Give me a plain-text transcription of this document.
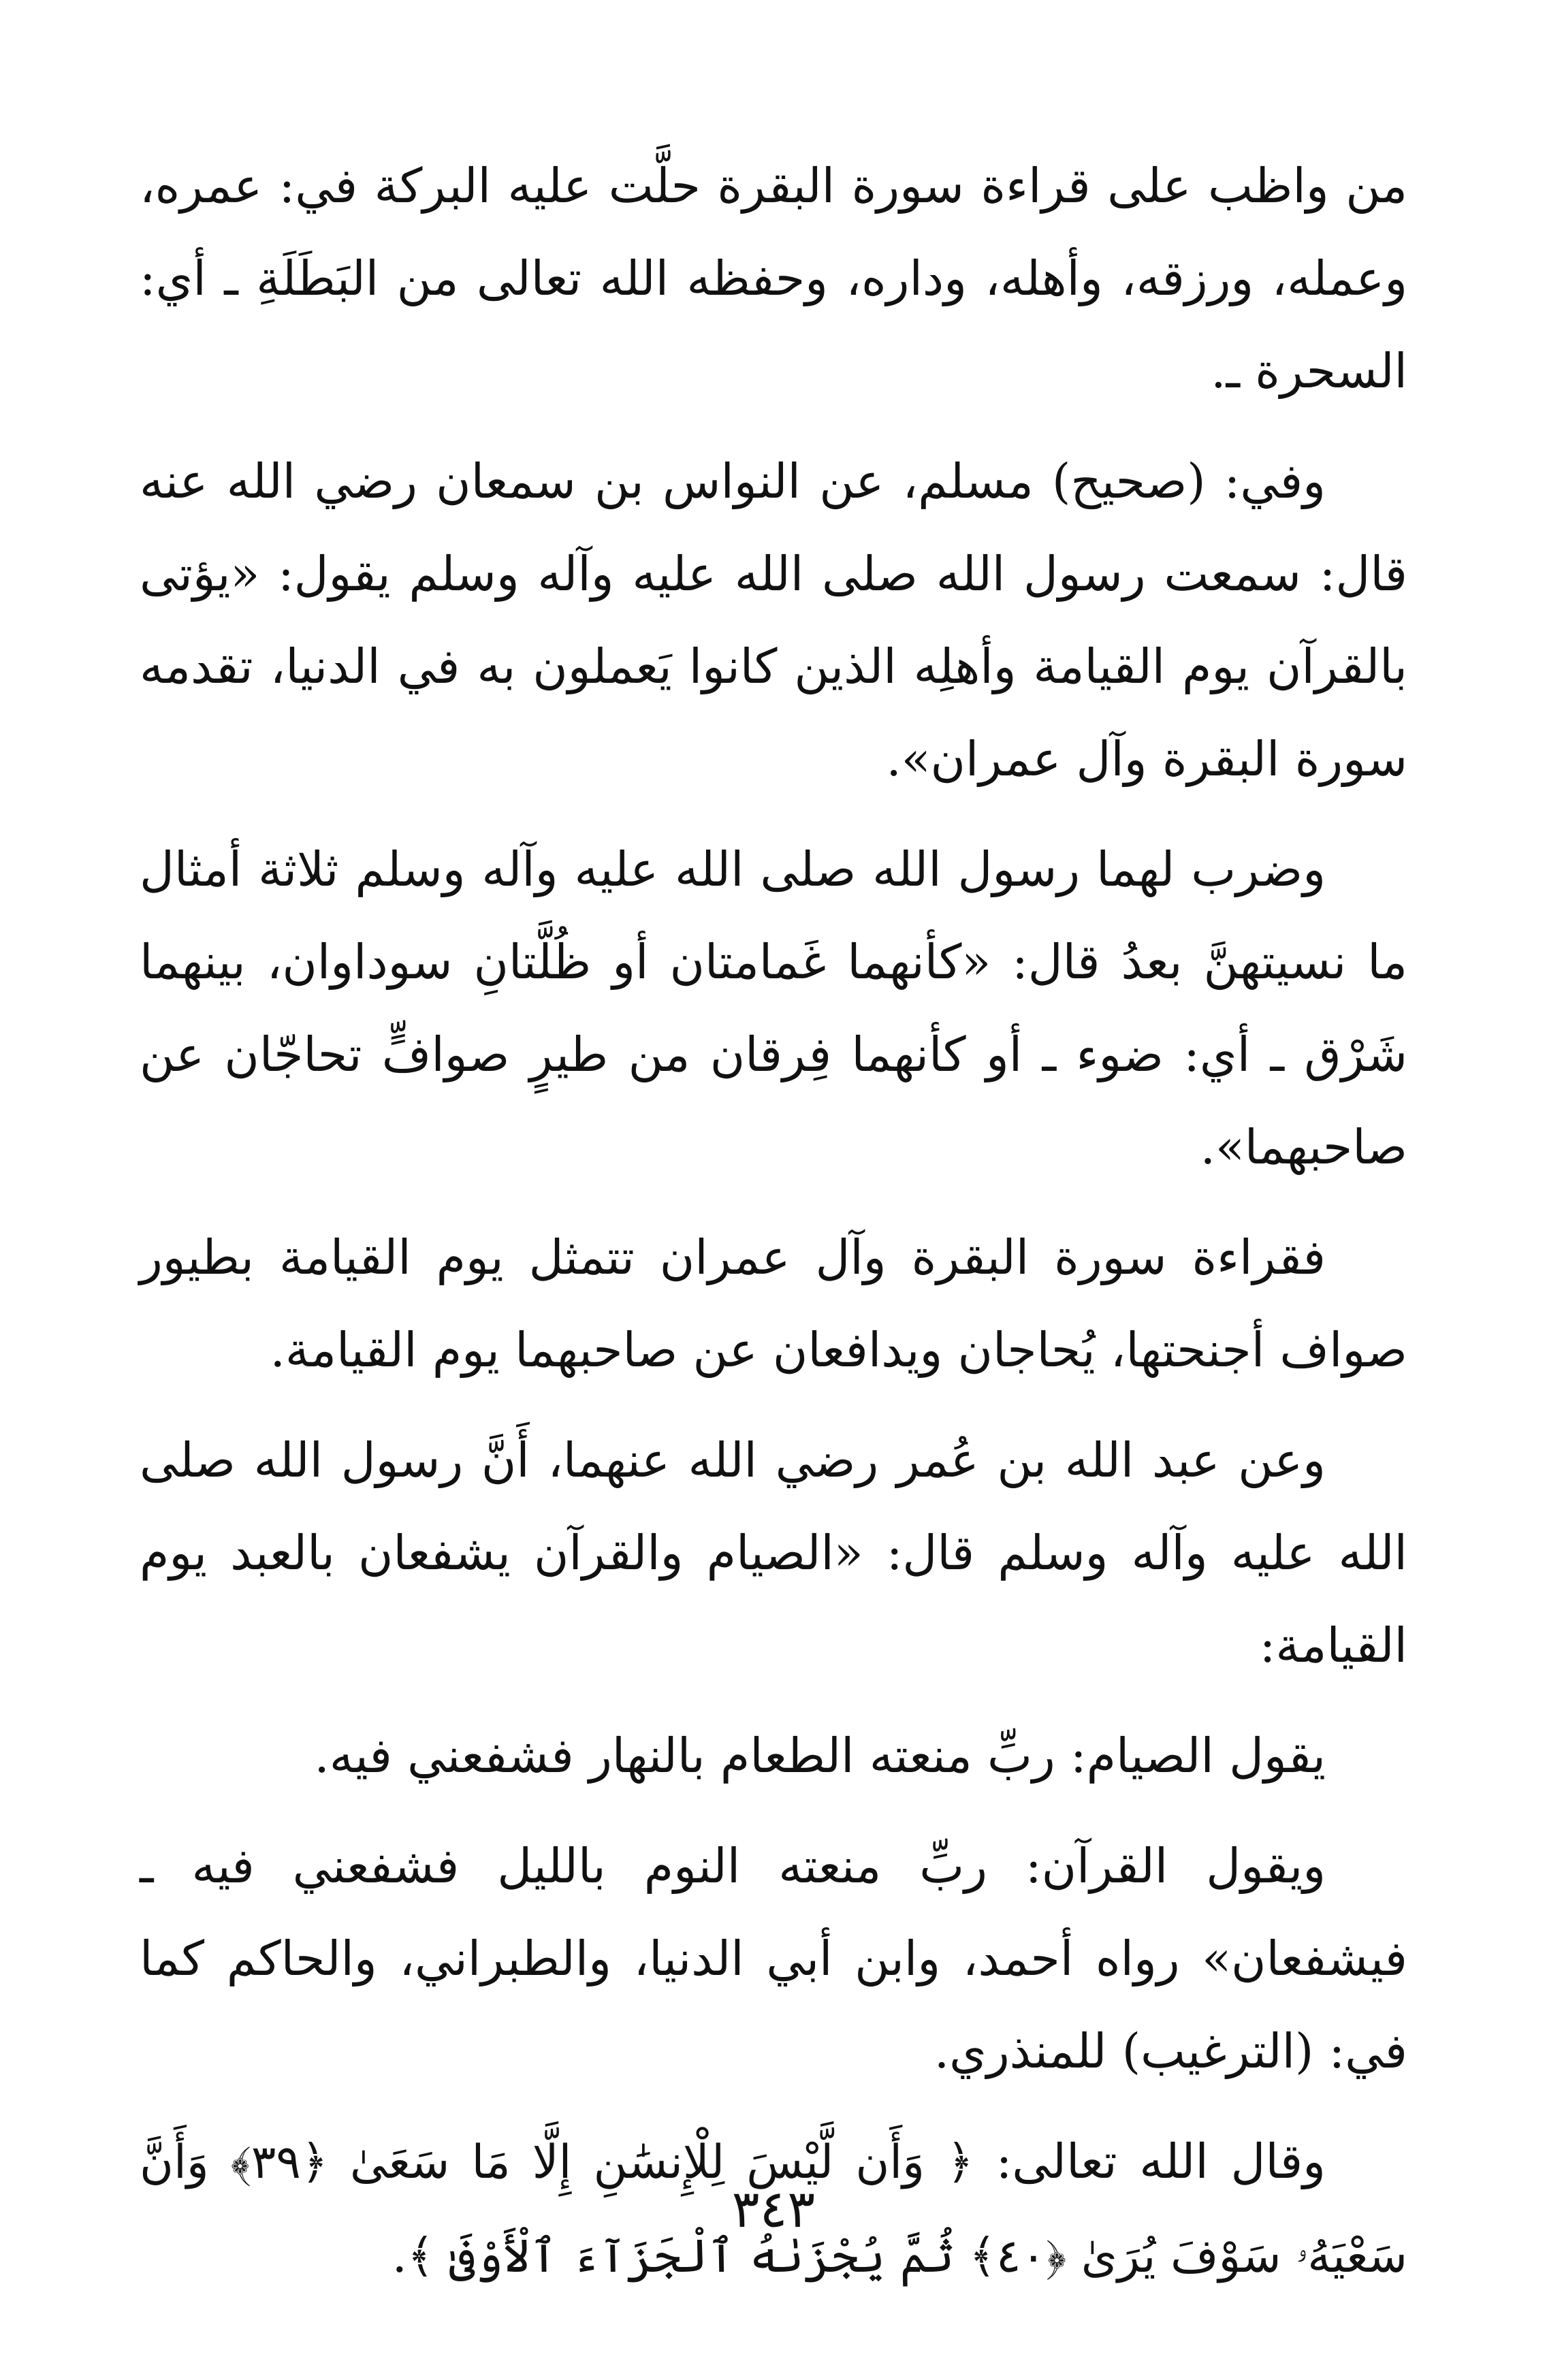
من واظب على قراءة سورة البقرة حلَّت عليه البركة في: عمره، وعمله، ورزقه، وأهله، وداره، وحفظه الله تعالى من البَطَلَةِ ـ أي: السحرة ـ.

وفي: (صحيح) مسلم، عن النواس بن سمعان رضي الله عنه قال: سمعت رسول الله صلى الله عليه وآله وسلم يقول: «يؤتى بالقرآن يوم القيامة وأهلِه الذين كانوا يَعملون به في الدنيا، تقدمه سورة البقرة وآل عمران».

وضرب لهما رسول الله صلى الله عليه وآله وسلم ثلاثة أمثال ما نسيتهنَّ بعدُ قال: «كأنهما غَمامتان أو ظُلَّتانِ سوداوان، بينهما شَرْق ـ أي: ضوء ـ أو كأنهما فِرقان من طيرٍ صوافٍّ تحاجّان عن صاحبهما».

فقراءة سورة البقرة وآل عمران تتمثل يوم القيامة بطيور صواف أجنحتها، يُحاجان ويدافعان عن صاحبهما يوم القيامة.

وعن عبد الله بن عُمر رضي الله عنهما، أَنَّ رسول الله صلى الله عليه وآله وسلم قال: «الصيام والقرآن يشفعان بالعبد يوم القيامة:

يقول الصيام: ربِّ منعته الطعام بالنهار فشفعني فيه.

ويقول القرآن: ربِّ منعته النوم بالليل فشفعني فيه ـ فيشفعان» رواه أحمد، وابن أبي الدنيا، والطبراني، والحاكم كما في: (الترغيب) للمنذري.

وقال الله تعالى: ﴿ وَأَن لَّيْسَ لِلْإِنسَٰنِ إِلَّا مَا سَعَىٰ ﴿٣٩﴾ وَأَنَّ سَعْيَهُۥ سَوْفَ يُرَىٰ ﴿٤٠﴾ ثُمَّ يُجْزَىٰهُ ٱلْجَزَآءَ ٱلْأَوْفَىٰ ﴾.

٣٤٣
